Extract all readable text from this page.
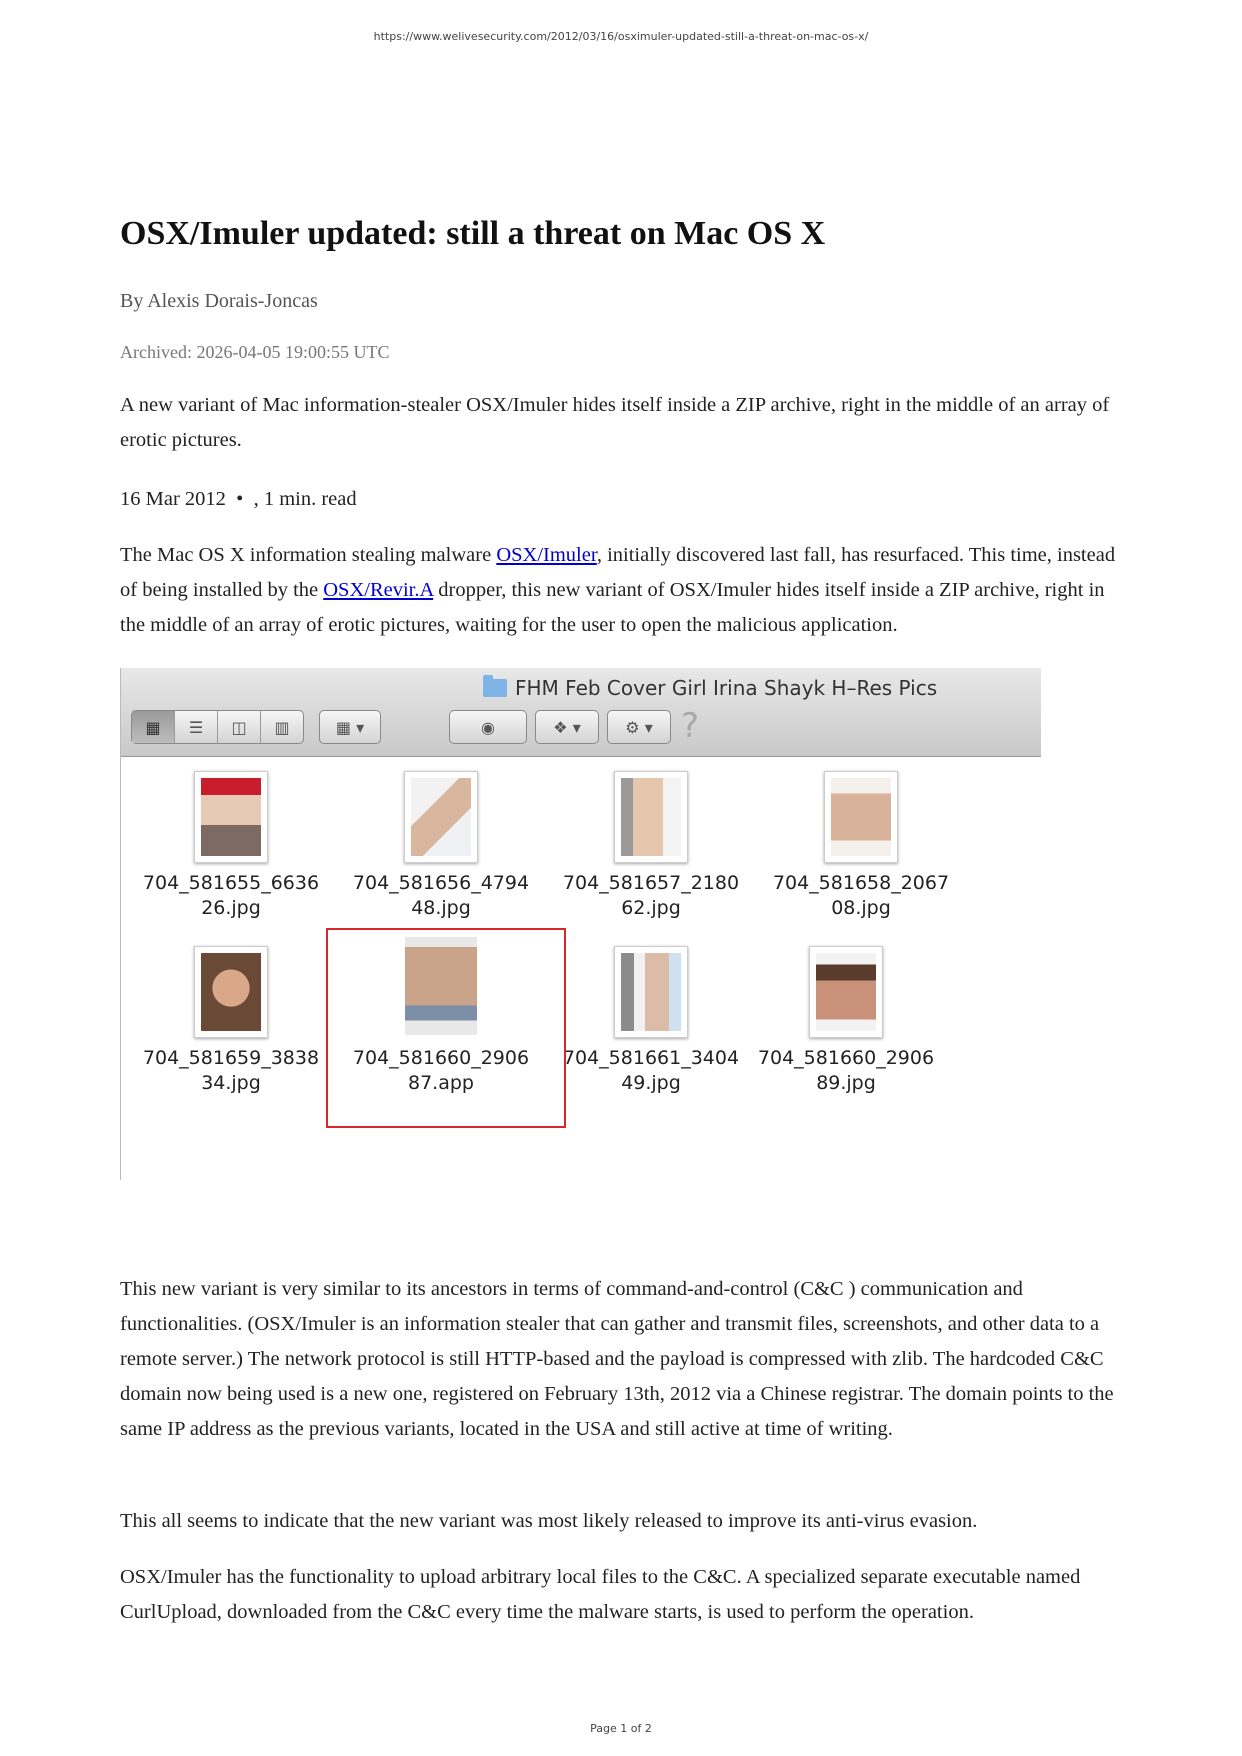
https://www.welivesecurity.com/2012/03/16/osximuler-updated-still-a-threat-on-mac-os-x/
OSX/Imuler updated: still a threat on Mac OS X
By Alexis Dorais-Joncas
Archived: 2026-04-05 19:00:55 UTC

A new variant of Mac information-stealer OSX/Imuler hides itself inside a ZIP archive, right in the middle of an array of erotic pictures.

16 Mar 2012  •  , 1 min. read

The Mac OS X information stealing malware OSX/Imuler, initially discovered last fall, has resurfaced. This time, instead of being installed by the OSX/Revir.A dropper, this new variant of OSX/Imuler hides itself inside a ZIP archive, right in the middle of an array of erotic pictures, waiting for the user to open the malicious application.

FHM Feb Cover Girl Irina Shayk H–Res Pics
▦	☰	◫	▥	▦ ▾	◉	❖ ▾	⚙ ▾ ?
704_581655_6636
26.jpg
704_581656_4794
48.jpg
704_581657_2180
62.jpg
704_581658_2067
08.jpg
704_581659_3838
34.jpg
704_581660_2906
87.app
704_581661_3404
49.jpg
704_581660_2906
89.jpg

This new variant is very similar to its ancestors in terms of command-and-control (C&C ) communication and functionalities. (OSX/Imuler is an information stealer that can gather and transmit files, screenshots, and other data to a remote server.) The network protocol is still HTTP-based and the payload is compressed with zlib. The hardcoded C&C domain now being used is a new one, registered on February 13th, 2012 via a Chinese registrar. The domain points to the same IP address as the previous variants, located in the USA and still active at time of writing.

This all seems to indicate that the new variant was most likely released to improve its anti-virus evasion.

OSX/Imuler has the functionality to upload arbitrary local files to the C&C. A specialized separate executable named CurlUpload, downloaded from the C&C every time the malware starts, is used to perform the operation.

Page 1 of 2
